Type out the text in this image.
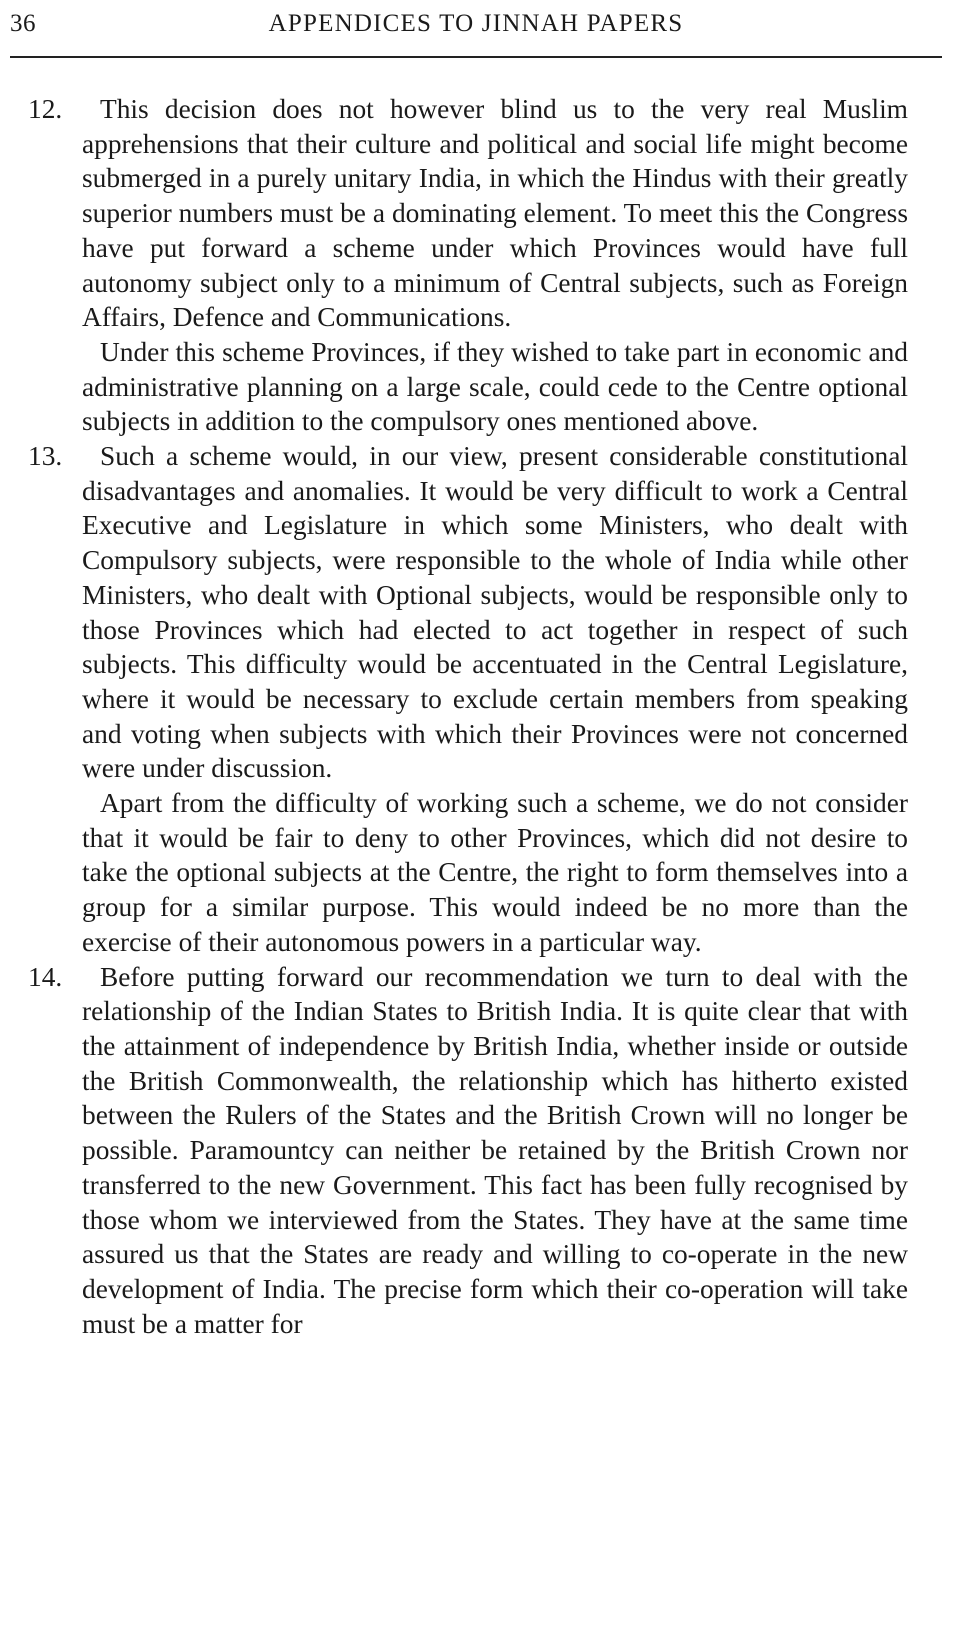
36	APPENDICES TO JINNAH PAPERS

12. This decision does not however blind us to the very real Muslim apprehensions that their culture and political and social life might become submerged in a purely unitary India, in which the Hindus with their greatly superior numbers must be a dominating element. To meet this the Congress have put forward a scheme under which Provinces would have full autonomy subject only to a minimum of Central subjects, such as Foreign Affairs, Defence and Communications.

Under this scheme Provinces, if they wished to take part in economic and administrative planning on a large scale, could cede to the Centre optional subjects in addition to the compulsory ones mentioned above.

13. Such a scheme would, in our view, present considerable constitutional disadvantages and anomalies. It would be very difficult to work a Central Executive and Legislature in which some Ministers, who dealt with Compulsory subjects, were responsible to the whole of India while other Ministers, who dealt with Optional subjects, would be responsible only to those Provinces which had elected to act together in respect of such subjects. This difficulty would be accentuated in the Central Legislature, where it would be necessary to exclude certain members from speaking and voting when subjects with which their Provinces were not concerned were under discussion.

Apart from the difficulty of working such a scheme, we do not consider that it would be fair to deny to other Provinces, which did not desire to take the optional subjects at the Centre, the right to form themselves into a group for a similar purpose. This would indeed be no more than the exercise of their autonomous powers in a particular way.

14. Before putting forward our recommendation we turn to deal with the relationship of the Indian States to British India. It is quite clear that with the attainment of independence by British India, whether inside or outside the British Commonwealth, the relationship which has hitherto existed between the Rulers of the States and the British Crown will no longer be possible. Paramountcy can neither be retained by the British Crown nor transferred to the new Government. This fact has been fully recognised by those whom we interviewed from the States. They have at the same time assured us that the States are ready and willing to co-operate in the new development of India. The precise form which their co-operation will take must be a matter for
